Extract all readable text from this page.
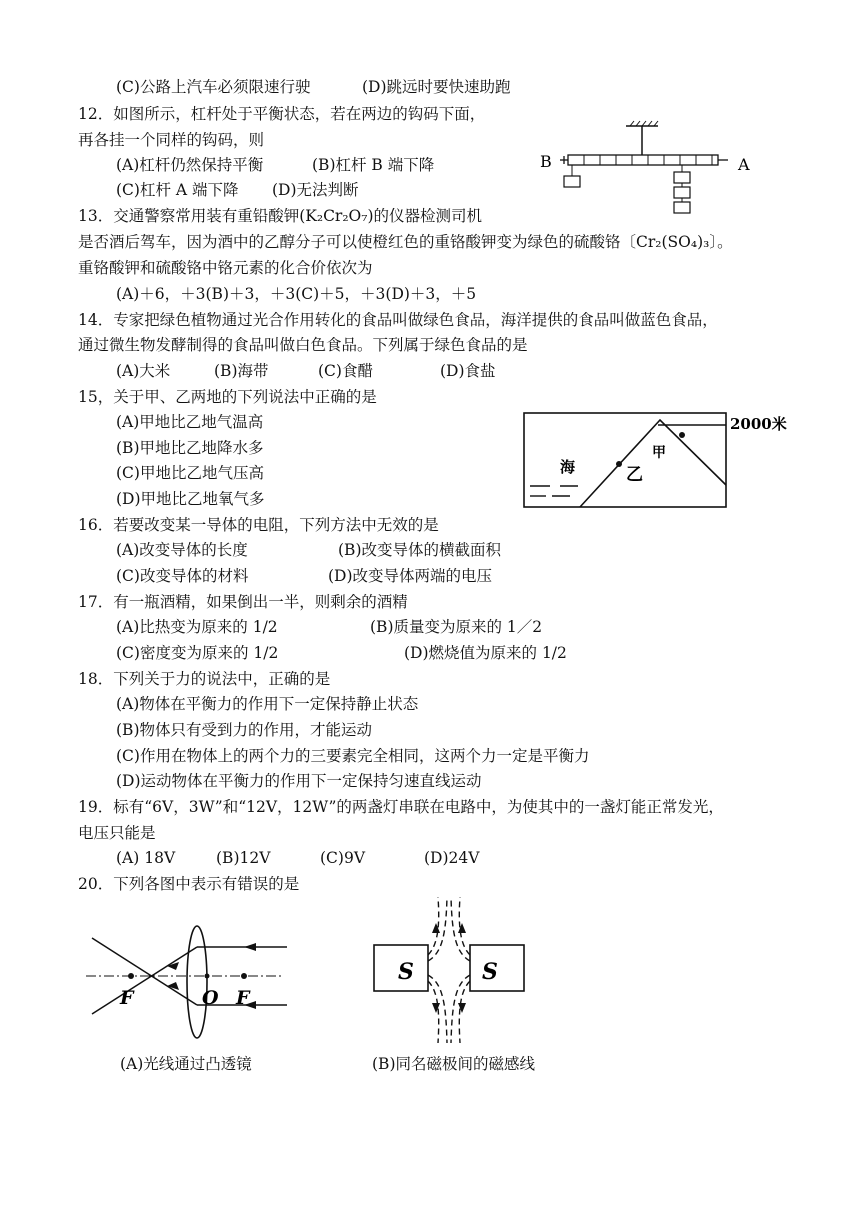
(C)公路上汽车必须限速行驶	(D)跳远时要快速助跑
12．如图所示，杠杆处于平衡状态，若在两边的钩码下面，
再各挂一个同样的钩码，则
(A)杠杆仍然保持平衡	(B)杠杆 B 端下降
(C)杠杆 A 端下降 (D)无法判断
B	A
13．交通警察常用装有重铅酸钾(K₂Cr₂O₇)的仪器检测司机
是否酒后驾车，因为酒中的乙醇分子可以使橙红色的重铬酸钾变为绿色的硫酸铬〔Cr₂(SO₄)₃〕。
重铬酸钾和硫酸铬中铬元素的化合价依次为
(A)＋6，＋3(B)＋3，＋3(C)＋5，＋3(D)＋3，＋5
14．专家把绿色植物通过光合作用转化的食品叫做绿色食品，海洋提供的食品叫做蓝色食品，
通过微生物发酵制得的食品叫做白色食品。下列属于绿色食品的是
(A)大米	(B)海带	(C)食醋	(D)食盐
15，关于甲、乙两地的下列说法中正确的是
(A)甲地比乙地气温高
(B)甲地比乙地降水多
(C)甲地比乙地气压高
(D)甲地比乙地氧气多
2000米
海
甲
乙
16．若要改变某一导体的电阻，下列方法中无效的是
(A)改变导体的长度	(B)改变导体的横截面积
(C)改变导体的材料	(D)改变导体两端的电压
17．有一瓶酒精，如果倒出一半，则剩余的酒精
(A)比热变为原来的 1/2	(B)质量变为原来的 1／2
(C)密度变为原来的 1/2	(D)燃烧值为原来的 1/2
18．下列关于力的说法中，正确的是
(A)物体在平衡力的作用下一定保持静止状态
(B)物体只有受到力的作用，才能运动
(C)作用在物体上的两个力的三要素完全相同，这两个力一定是平衡力
(D)运动物体在平衡力的作用下一定保持匀速直线运动
19．标有“6V，3W”和“12V，12W”的两盏灯串联在电路中，为使其中的一盏灯能正常发光，
电压只能是
(A) 18V	(B)12V	(C)9V	(D)24V
20．下列各图中表示有错误的是
F	O F
(A)光线通过凸透镜
S	S
(B)同名磁极间的磁感线
